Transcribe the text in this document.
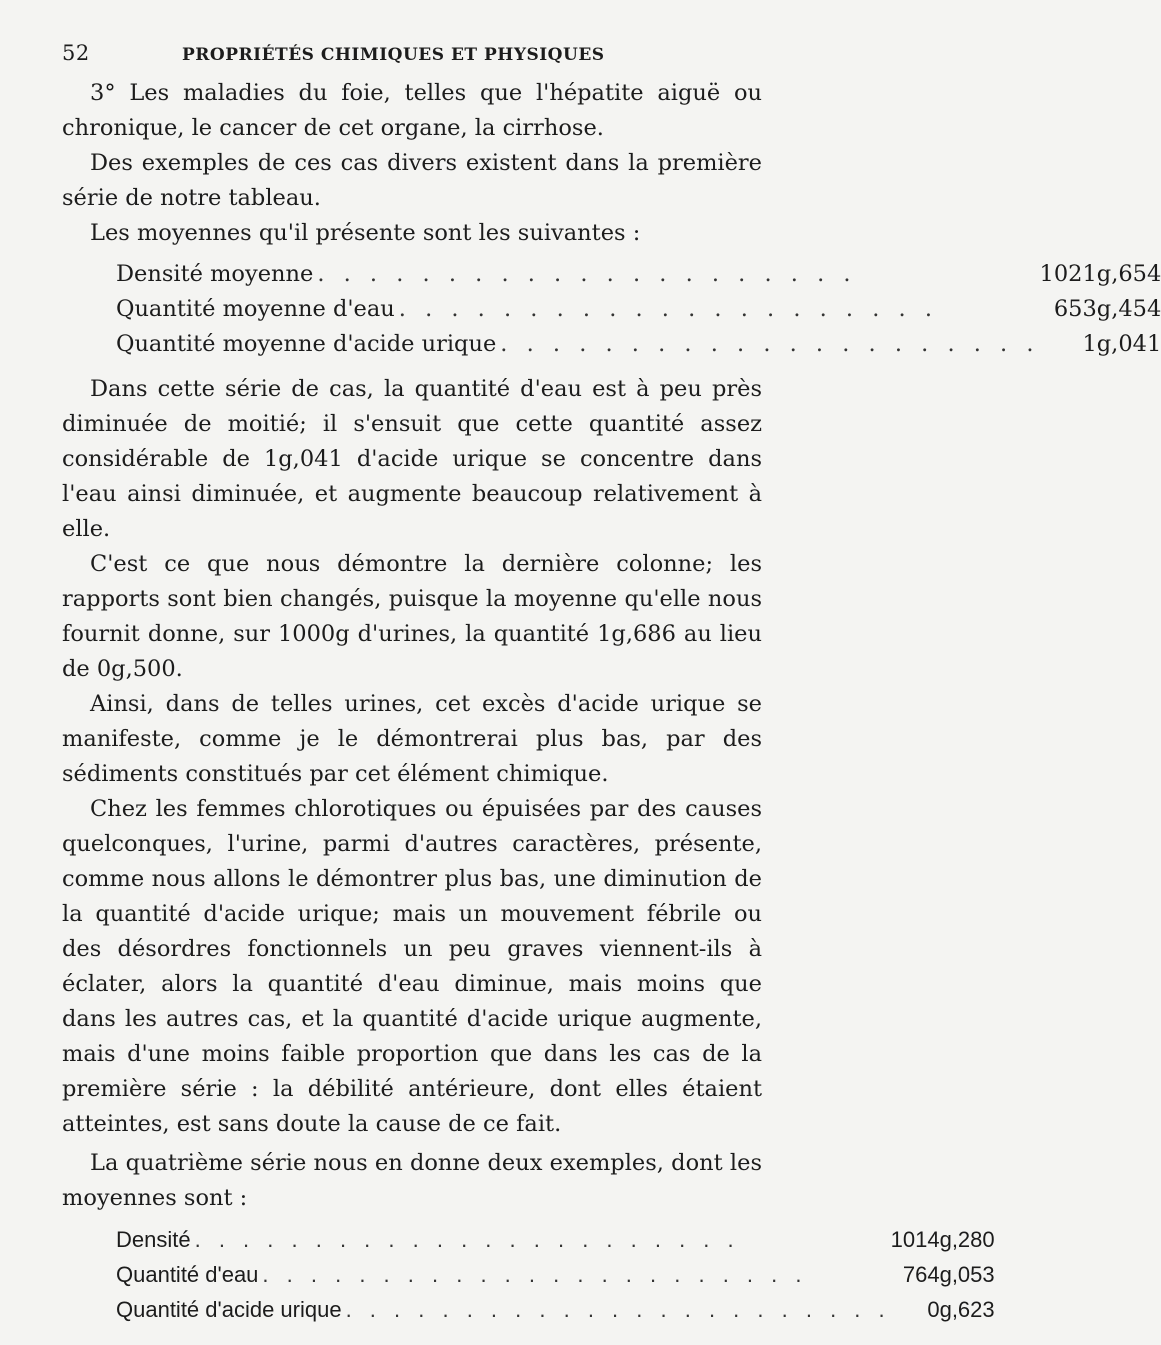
52	PROPRIÉTÉS CHIMIQUES ET PHYSIQUES

3° Les maladies du foie, telles que l'hépatite aiguë ou chronique, le cancer de cet organe, la cirrhose.

Des exemples de ces cas divers existent dans la première série de notre tableau.

Les moyennes qu'il présente sont les suivantes :

Densité moyenne . . . . . . . . . . . . . . . . . . . . .	1021g,654
Quantité moyenne d'eau . . . . . . . . . . . . . . . . . . . . .	653g,454
Quantité moyenne d'acide urique . . . . . . . . . . . . . . . . . . . . .	1g,041

Dans cette série de cas, la quantité d'eau est à peu près diminuée de moitié; il s'ensuit que cette quantité assez considérable de 1g,041 d'acide urique se concentre dans l'eau ainsi diminuée, et augmente beaucoup relativement à elle.

C'est ce que nous démontre la dernière colonne; les rapports sont bien changés, puisque la moyenne qu'elle nous fournit donne, sur 1000g d'urines, la quantité 1g,686 au lieu de 0g,500.

Ainsi, dans de telles urines, cet excès d'acide urique se manifeste, comme je le démontrerai plus bas, par des sédiments constitués par cet élément chimique.

Chez les femmes chlorotiques ou épuisées par des causes quelconques, l'urine, parmi d'autres caractères, présente, comme nous allons le démontrer plus bas, une diminution de la quantité d'acide urique; mais un mouvement fébrile ou des désordres fonctionnels un peu graves viennent-ils à éclater, alors la quantité d'eau diminue, mais moins que dans les autres cas, et la quantité d'acide urique augmente, mais d'une moins faible proportion que dans les cas de la première série : la débilité antérieure, dont elles étaient atteintes, est sans doute la cause de ce fait.

La quatrième série nous en donne deux exemples, dont les moyennes sont :

Densité . . . . . . . . . . . . . . . . . . . . . . .	1014g,280
Quantité d'eau . . . . . . . . . . . . . . . . . . . . . . .	764g,053
Quantité d'acide urique . . . . . . . . . . . . . . . . . . . . . . .	0g,623
